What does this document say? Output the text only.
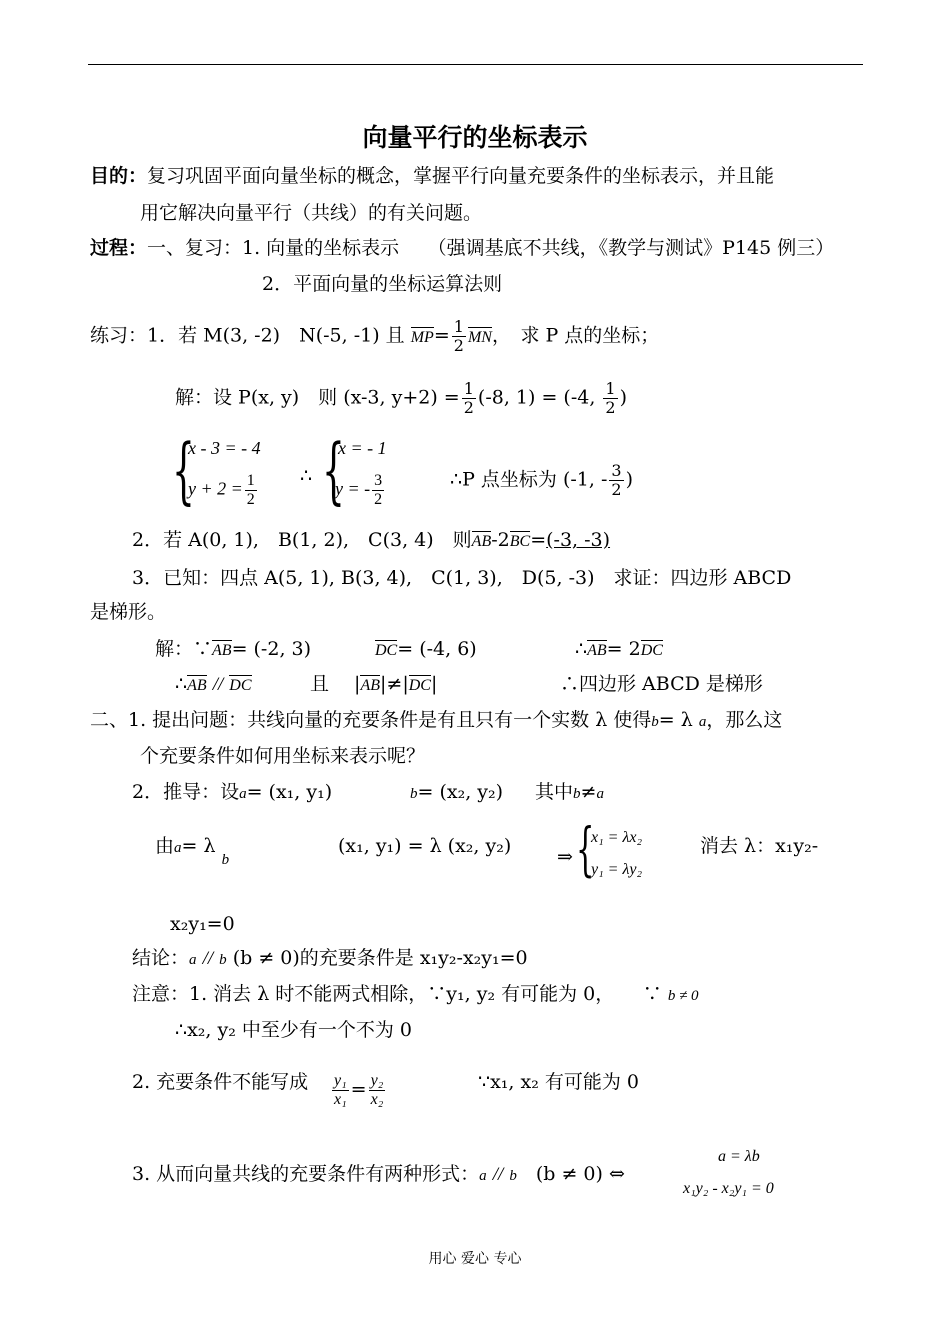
向量平行的坐标表示
目的：复习巩固平面向量坐标的概念，掌握平行向量充要条件的坐标表示，并且能
用它解决向量平行（共线）的有关问题。
过程：一、复习：1. 向量的坐标表示　　（强调基底不共线，《教学与测试》P145 例三）
2．平面向量的坐标运算法则
练习：1．若 M(3, -2)　N(-5, -1) 且 $MP= \frac{1}{2}$ MN，　求 P 点的坐标；
解：设 P(x, y)　则 (x-3, $y+2) = \frac{1}{2} (-8$, 1) = (-4, $\frac{1}{2}$ )
{
x - 3 = - 4
$y + 2 = \frac{1}{2}$ ∴ {
x = - 1
y = - $\frac{3}{2}$	∴P 点坐标为 (-1, - $\frac{3}{2}$ )
2．若 A(0, 1),　B(1, 2),　C(3, 4)　则AB-2BC=(-3, -3)
3．已知：四点 A(5, 1), B(3, 4),　C(1, 3),　D(5, -3)　求证：四边形 ABCD
是梯形。
解：∵AB= (-2, 3)	DC= (-4, 6)	∴AB= 2DC
∴AB // DC	且　 |AB|≠|DC|	∴四边形 ABCD 是梯形
二、1. 提出问题：共线向量的充要条件是有且只有一个实数 λ 使得b= λ a，那么这
个充要条件如何用坐标来表示呢？
2．推导：设a= (x₁, y₁)	b= (x₂, y₂) 其中b≠a
由a= λ $_b$
(x₁, y₁) = λ (x₂, y₂) ⇒ {
x₁ = λx₂
y₁ = λy₂
消去 λ：x₁y₂-
x₂y₁=0
结论：a // b (b ≠ 0)的充要条件是 x₁y₂-x₂y₁=0
注意：1. 消去 λ 时不能两式相除，∵y₁, y₂ 有可能为 0，　　 ∵ b ≠ 0
∴x₂, y₂ 中至少有一个不为 0
2. 充要条件不能写成 $\frac{\text{y₁}}{\text{x₁}} = \frac{\text{y₂}}{\text{x₂}}$	∵x₁, x₂ 有可能为 0
3. 从而向量共线的充要条件有两种形式：a // b　 (b ≠ 0) ⇔
a = λb
x₁y₂ - x₂y₁ = 0
用心 爱心 专心
